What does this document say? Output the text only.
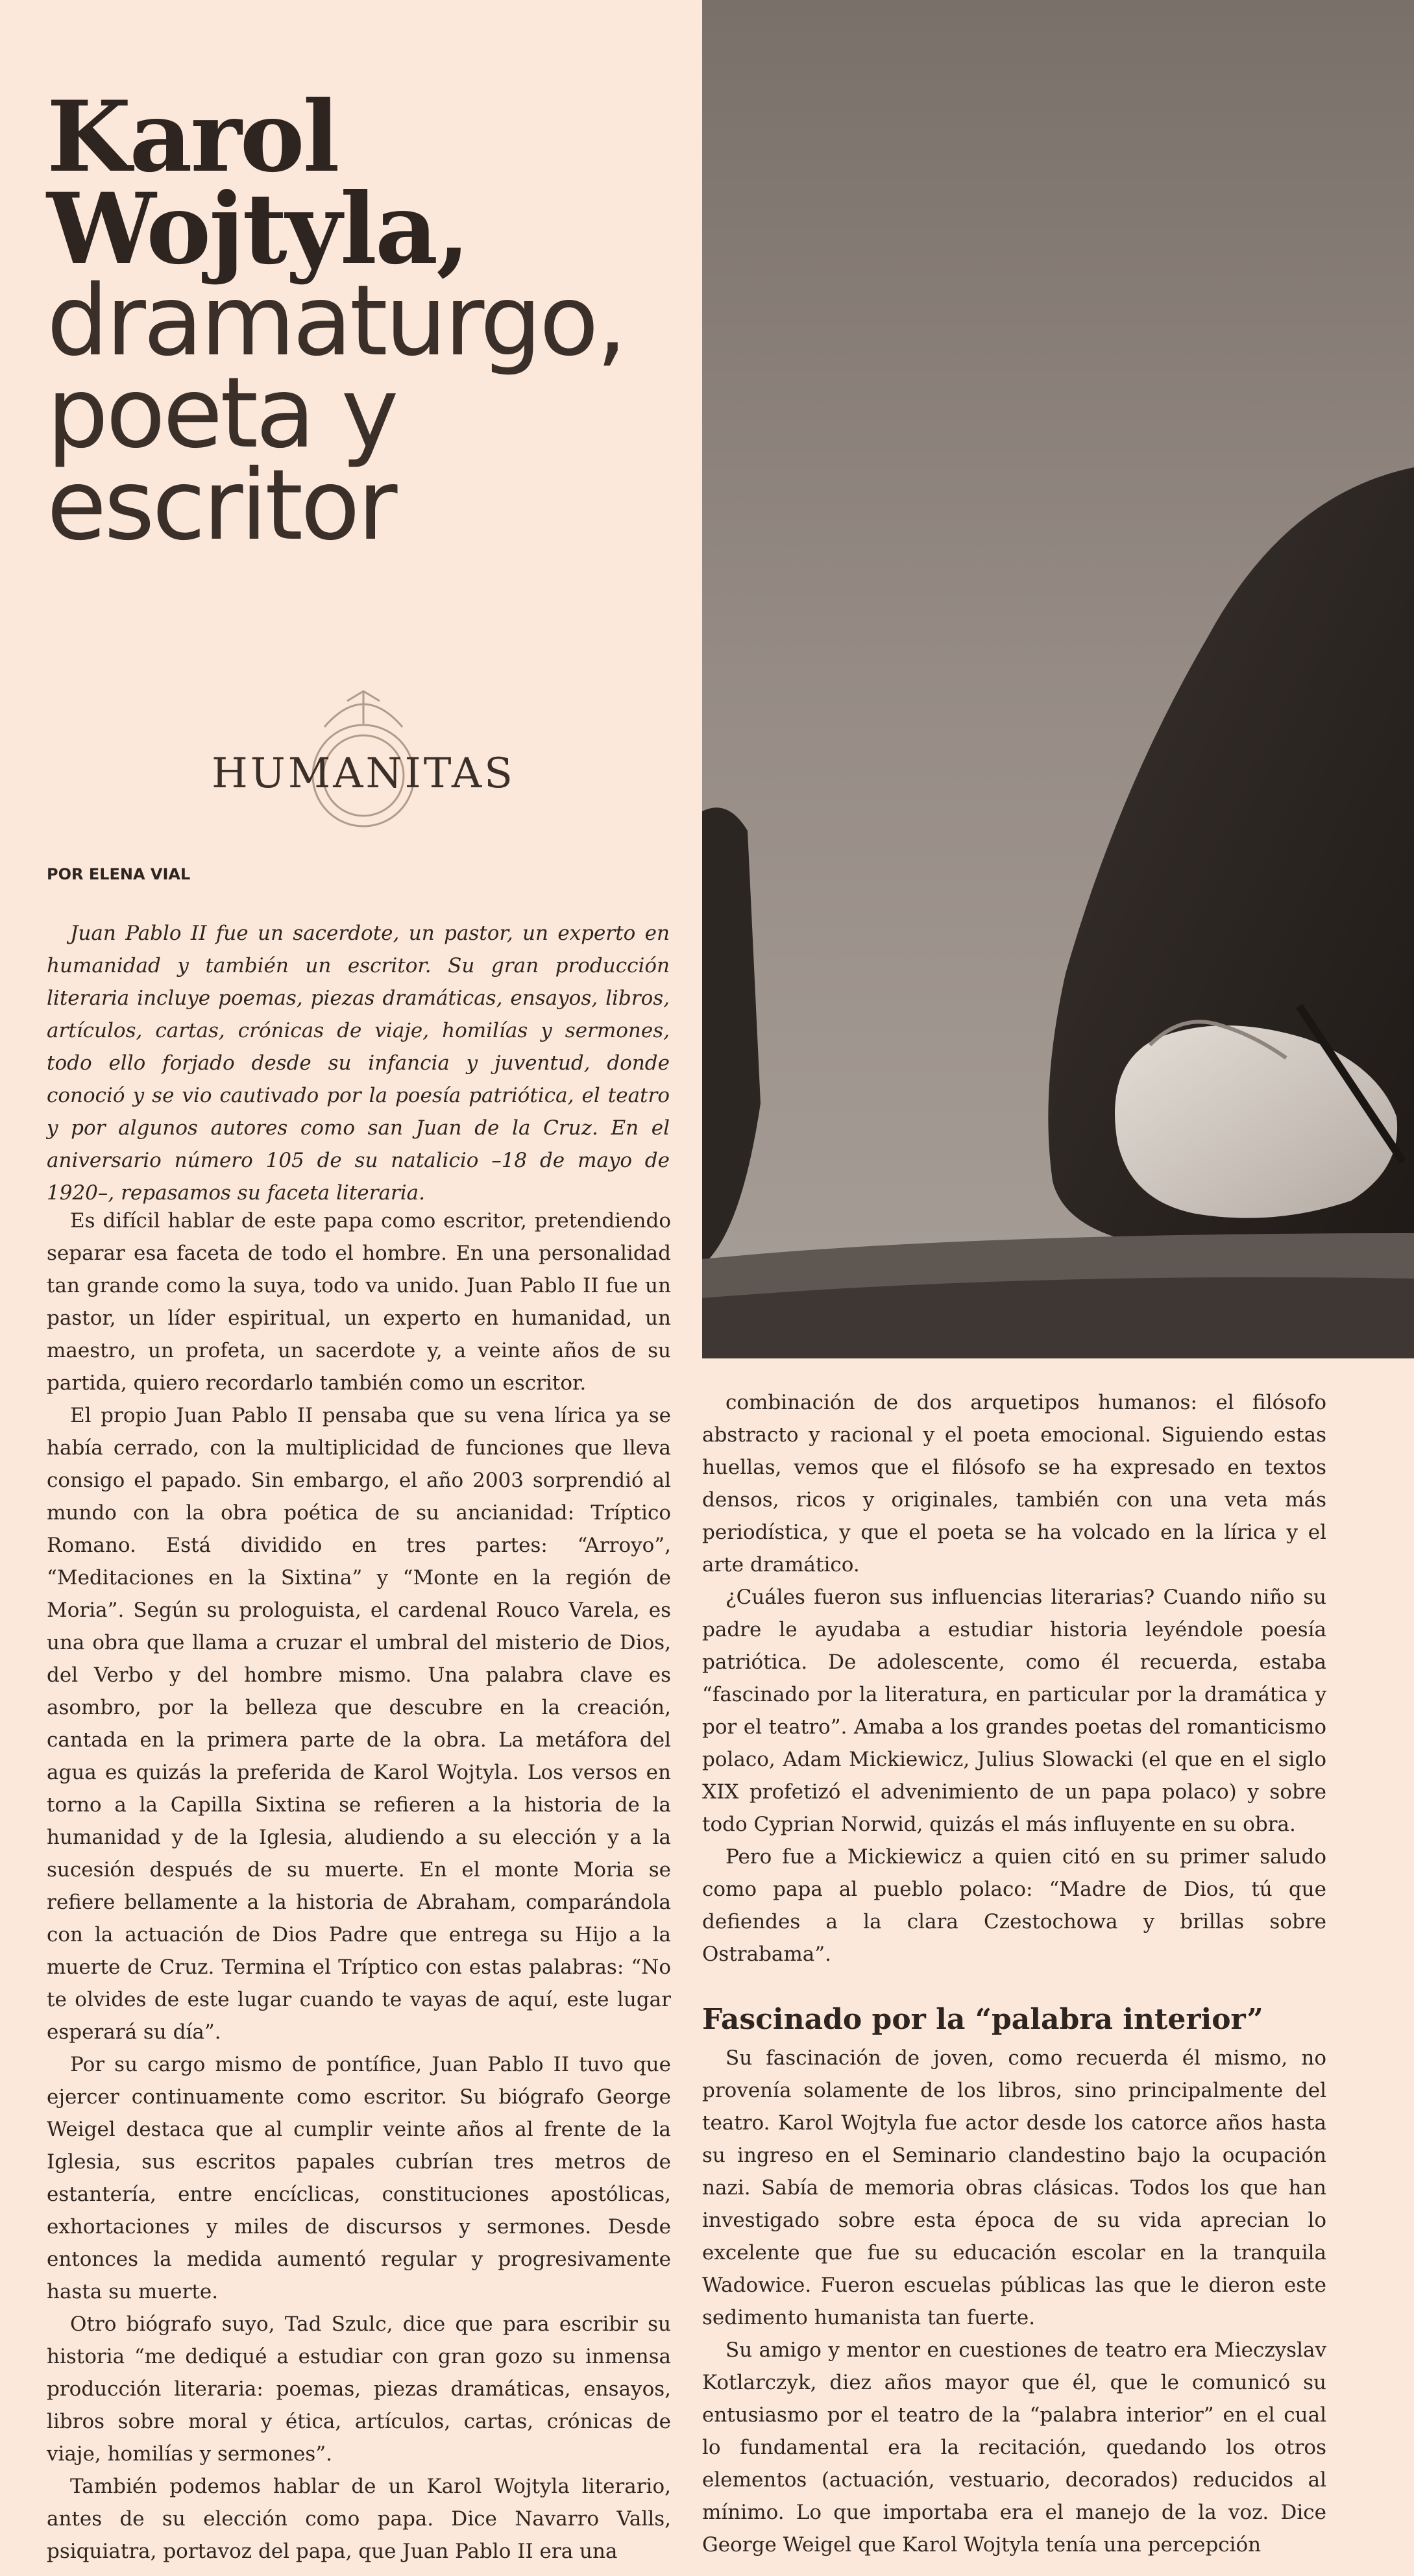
Karol
Wojtyla,
dramaturgo,
poeta y
escritor
HUMANITAS
POR ELENA VIAL

Juan Pablo II fue un sacerdote, un pastor, un experto en humanidad y también un escritor. Su gran producción literaria incluye poemas, piezas dramáticas, ensayos, libros, artículos, cartas, crónicas de viaje, homilías y sermones, todo ello forjado desde su infancia y juventud, donde conoció y se vio cautivado por la poesía patriótica, el teatro y por algunos autores como san Juan de la Cruz. En el aniversario número 105 de su natalicio –18 de mayo de 1920–, repasamos su faceta literaria.

Es difícil hablar de este papa como escritor, pretendiendo separar esa faceta de todo el hombre. En una personalidad tan grande como la suya, todo va unido. Juan Pablo II fue un pastor, un líder espiritual, un experto en humanidad, un maestro, un profeta, un sacerdote y, a veinte años de su partida, quiero recordarlo también como un escritor.

El propio Juan Pablo II pensaba que su vena lírica ya se había cerrado, con la multiplicidad de funciones que lleva consigo el papado. Sin embargo, el año 2003 sorprendió al mundo con la obra poética de su ancianidad: Tríptico Romano. Está dividido en tres partes: “Arroyo”, “Meditaciones en la Sixtina” y “Monte en la región de Moria”. Según su prologuista, el cardenal Rouco Varela, es una obra que llama a cruzar el umbral del misterio de Dios, del Verbo y del hombre mismo. Una palabra clave es asombro, por la belleza que descubre en la creación, cantada en la primera parte de la obra. La metáfora del agua es quizás la preferida de Karol Wojtyla. Los versos en torno a la Capilla Sixtina se refieren a la historia de la humanidad y de la Iglesia, aludiendo a su elección y a la sucesión después de su muerte. En el monte Moria se refiere bellamente a la historia de Abraham, comparándola con la actuación de Dios Padre que entrega su Hijo a la muerte de Cruz. Termina el Tríptico con estas palabras: “No te olvides de este lugar cuando te vayas de aquí, este lugar esperará su día”.

Por su cargo mismo de pontífice, Juan Pablo II tuvo que ejercer continuamente como escritor. Su biógrafo George Weigel destaca que al cumplir veinte años al frente de la Iglesia, sus escritos papales cubrían tres metros de estantería, entre encíclicas, constituciones apostólicas, exhortaciones y miles de discursos y sermones. Desde entonces la medida aumentó regular y progresivamente hasta su muerte.

Otro biógrafo suyo, Tad Szulc, dice que para escribir su historia “me dediqué a estudiar con gran gozo su inmensa producción literaria: poemas, piezas dramáticas, ensayos, libros sobre moral y ética, artículos, cartas, crónicas de viaje, homilías y sermones”.

También podemos hablar de un Karol Wojtyla literario, antes de su elección como papa. Dice Navarro Valls, psiquiatra, portavoz del papa, que Juan Pablo II era una

combinación de dos arquetipos humanos: el filósofo abstracto y racional y el poeta emocional. Siguiendo estas huellas, vemos que el filósofo se ha expresado en textos densos, ricos y originales, también con una veta más periodística, y que el poeta se ha volcado en la lírica y el arte dramático.

¿Cuáles fueron sus influencias literarias? Cuando niño su padre le ayudaba a estudiar historia leyéndole poesía patriótica. De adolescente, como él recuerda, estaba “fascinado por la literatura, en particular por la dramática y por el teatro”. Amaba a los grandes poetas del romanticismo polaco, Adam Mickiewicz, Julius Slowacki (el que en el siglo XIX profetizó el advenimiento de un papa polaco) y sobre todo Cyprian Norwid, quizás el más influyente en su obra.

Pero fue a Mickiewicz a quien citó en su primer saludo como papa al pueblo polaco: “Madre de Dios, tú que defiendes a la clara Czestochowa y brillas sobre Ostrabama”.

Fascinado por la “palabra interior”

Su fascinación de joven, como recuerda él mismo, no provenía solamente de los libros, sino principalmente del teatro. Karol Wojtyla fue actor desde los catorce años hasta su ingreso en el Seminario clandestino bajo la ocupación nazi. Sabía de memoria obras clásicas. Todos los que han investigado sobre esta época de su vida aprecian lo excelente que fue su educación escolar en la tranquila Wadowice. Fueron escuelas públicas las que le dieron este sedimento humanista tan fuerte.

Su amigo y mentor en cuestiones de teatro era Mieczyslav Kotlarczyk, diez años mayor que él, que le comunicó su entusiasmo por el teatro de la “palabra interior” en el cual lo fundamental era la recitación, quedando los otros elementos (actuación, vestuario, decorados) reducidos al mínimo. Lo que importaba era el manejo de la voz. Dice George Weigel que Karol Wojtyla tenía una percepción
